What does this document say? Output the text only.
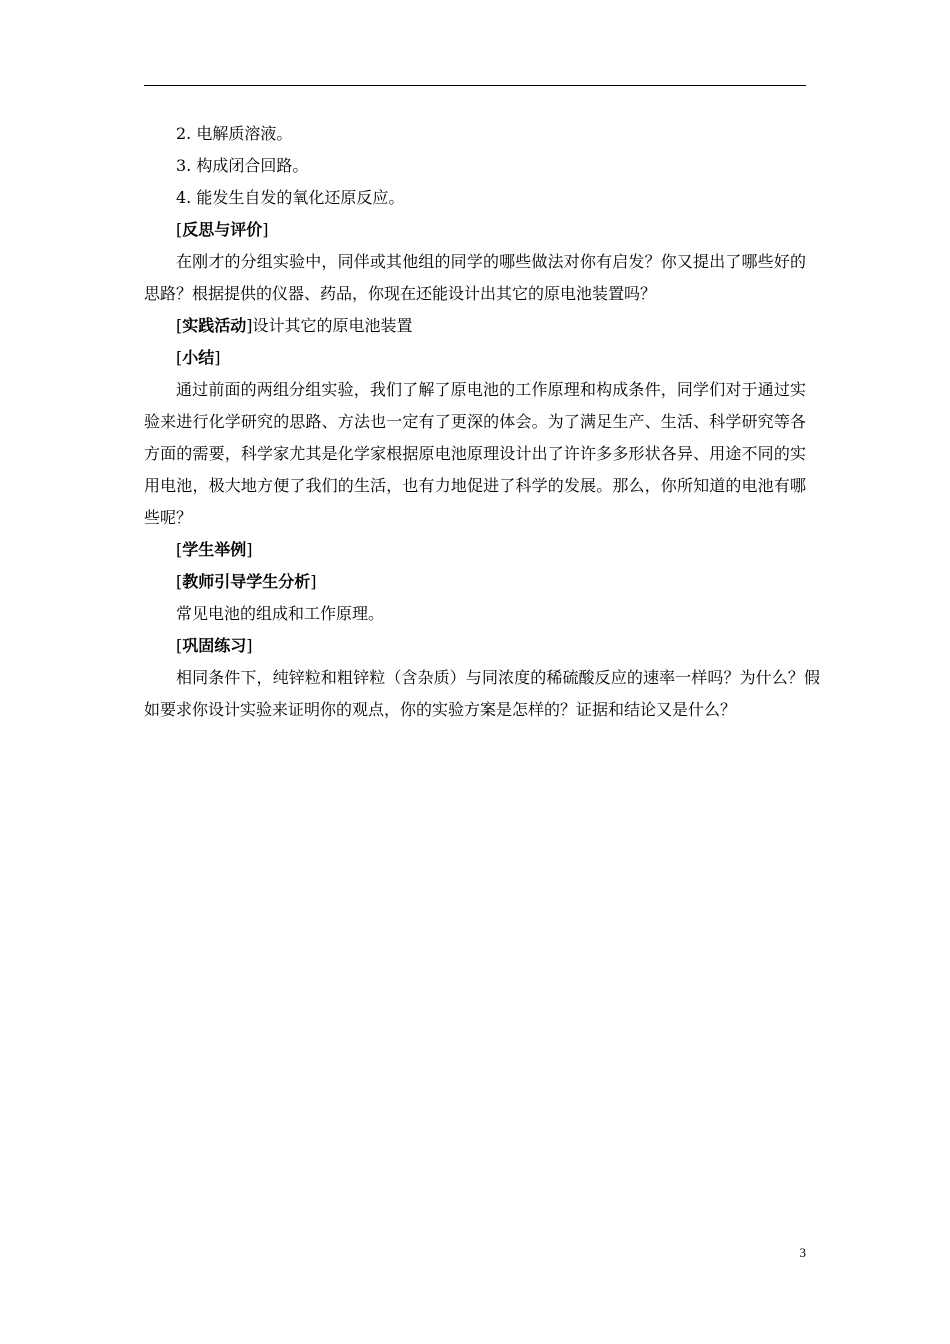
2. 电解质溶液。
3. 构成闭合回路。
4. 能发生自发的氧化还原反应。
[反思与评价]

在刚才的分组实验中，同伴或其他组的同学的哪些做法对你有启发？你又提出了哪些好的思路？根据提供的仪器、药品，你现在还能设计出其它的原电池装置吗？

[实践活动]设计其它的原电池装置
[小结]

通过前面的两组分组实验，我们了解了原电池的工作原理和构成条件，同学们对于通过实验来进行化学研究的思路、方法也一定有了更深的体会。为了满足生产、生活、科学研究等各方面的需要，科学家尤其是化学家根据原电池原理设计出了许许多多形状各异、用途不同的实用电池，极大地方便了我们的生活，也有力地促进了科学的发展。那么，你所知道的电池有哪些呢？

[学生举例]
[教师引导学生分析]
常见电池的组成和工作原理。
[巩固练习]

相同条件下，纯锌粒和粗锌粒（含杂质）与同浓度的稀硫酸反应的速率一样吗？为什么？假如要求你设计实验来证明你的观点，你的实验方案是怎样的？证据和结论又是什么？

3
